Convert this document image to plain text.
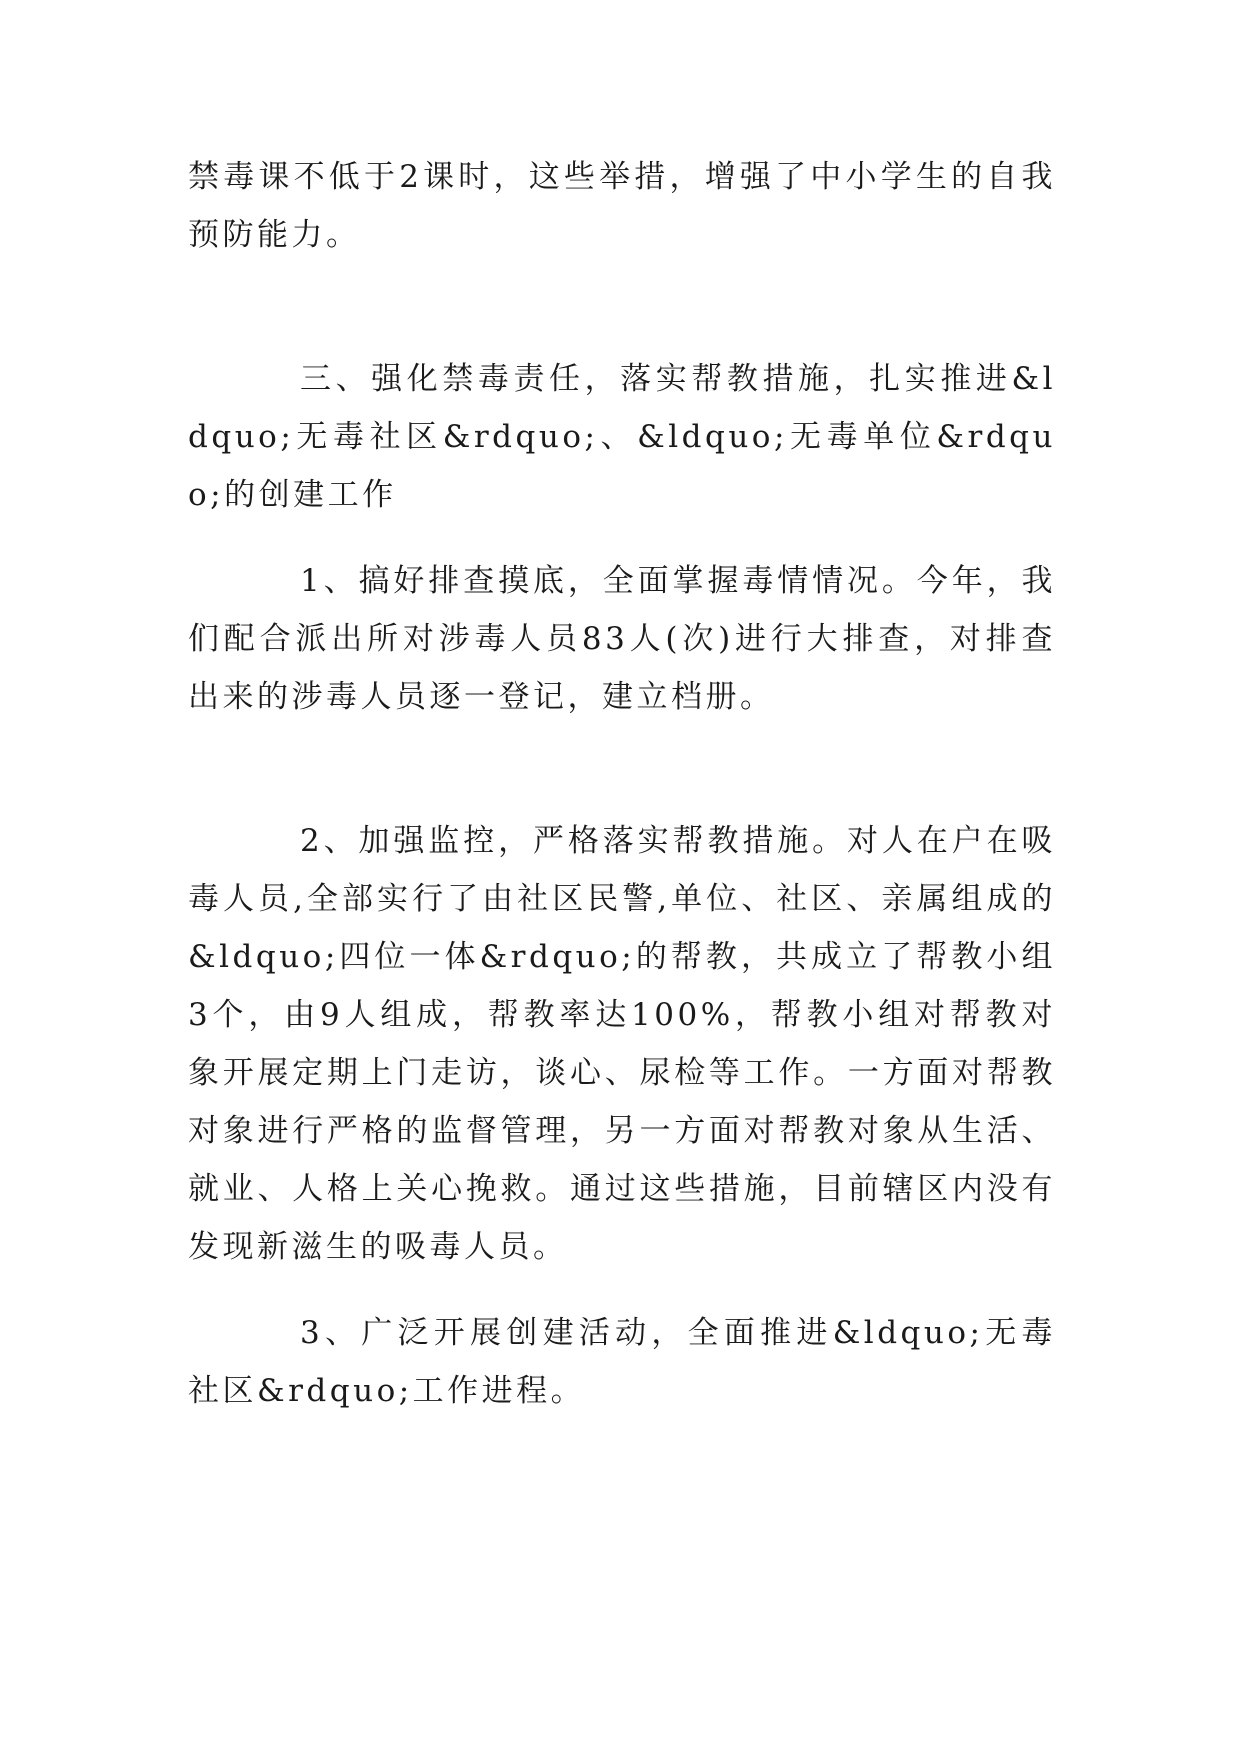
禁毒课不低于2课时，这些举措，增强了中小学生的自我预防能力。

三、强化禁毒责任，落实帮教措施，扎实推进&ldquo;无毒社区&rdquo;、&ldquo;无毒单位&rdquo;的创建工作

1、搞好排查摸底，全面掌握毒情情况。今年，我们配合派出所对涉毒人员83人(次)进行大排查，对排查出来的涉毒人员逐一登记，建立档册。

2、加强监控，严格落实帮教措施。对人在户在吸毒人员,全部实行了由社区民警,单位、社区、亲属组成的&ldquo;四位一体&rdquo;的帮教，共成立了帮教小组3个，由9人组成，帮教率达100%，帮教小组对帮教对象开展定期上门走访，谈心、尿检等工作。一方面对帮教对象进行严格的监督管理，另一方面对帮教对象从生活、就业、人格上关心挽救。通过这些措施，目前辖区内没有发现新滋生的吸毒人员。

3、广泛开展创建活动，全面推进&ldquo;无毒社区&rdquo;工作进程。
